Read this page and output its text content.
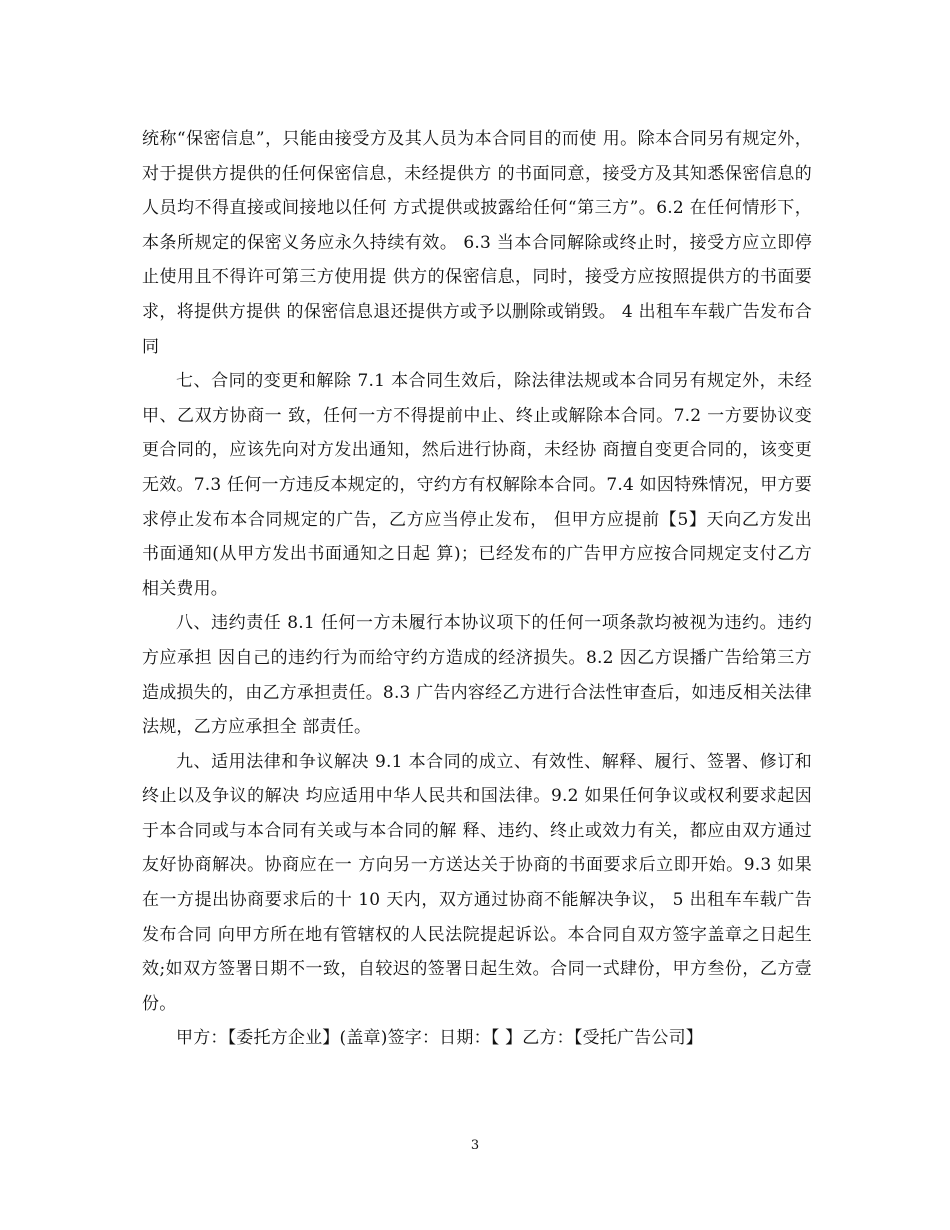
统称“保密信息”，只能由接受方及其人员为本合同目的而使 用。除本合同另有规定外，对于提供方提供的任何保密信息，未经提供方 的书面同意，接受方及其知悉保密信息的人员均不得直接或间接地以任何 方式提供或披露给任何“第三方”。6.2 在任何情形下，本条所规定的保密义务应永久持续有效。 6.3 当本合同解除或终止时，接受方应立即停止使用且不得许可第三方使用提 供方的保密信息，同时，接受方应按照提供方的书面要求，将提供方提供 的保密信息退还提供方或予以删除或销毁。 4 出租车车载广告发布合同

七、合同的变更和解除 7.1 本合同生效后，除法律法规或本合同另有规定外，未经甲、乙双方协商一 致，任何一方不得提前中止、终止或解除本合同。7.2 一方要协议变更合同的，应该先向对方发出通知，然后进行协商，未经协 商擅自变更合同的，该变更无效。7.3 任何一方违反本规定的，守约方有权解除本合同。7.4 如因特殊情况，甲方要求停止发布本合同规定的广告，乙方应当停止发布， 但甲方应提前【5】天向乙方发出书面通知(从甲方发出书面通知之日起 算)；已经发布的广告甲方应按合同规定支付乙方相关费用。

八、违约责任 8.1 任何一方未履行本协议项下的任何一项条款均被视为违约。违约方应承担 因自己的违约行为而给守约方造成的经济损失。8.2 因乙方误播广告给第三方造成损失的，由乙方承担责任。8.3 广告内容经乙方进行合法性审查后，如违反相关法律法规，乙方应承担全 部责任。

九、适用法律和争议解决 9.1 本合同的成立、有效性、解释、履行、签署、修订和终止以及争议的解决 均应适用中华人民共和国法律。9.2 如果任何争议或权利要求起因于本合同或与本合同有关或与本合同的解 释、违约、终止或效力有关，都应由双方通过友好协商解决。协商应在一 方向另一方送达关于协商的书面要求后立即开始。9.3 如果在一方提出协商要求后的十 10 天内，双方通过协商不能解决争议， 5 出租车车载广告发布合同 向甲方所在地有管辖权的人民法院提起诉讼。本合同自双方签字盖章之日起生效;如双方签署日期不一致，自较迟的签署日起生效。合同一式肆份，甲方叁份，乙方壹份。

甲方：【委托方企业】(盖章)签字：日期：【 】乙方：【受托广告公司】

3
